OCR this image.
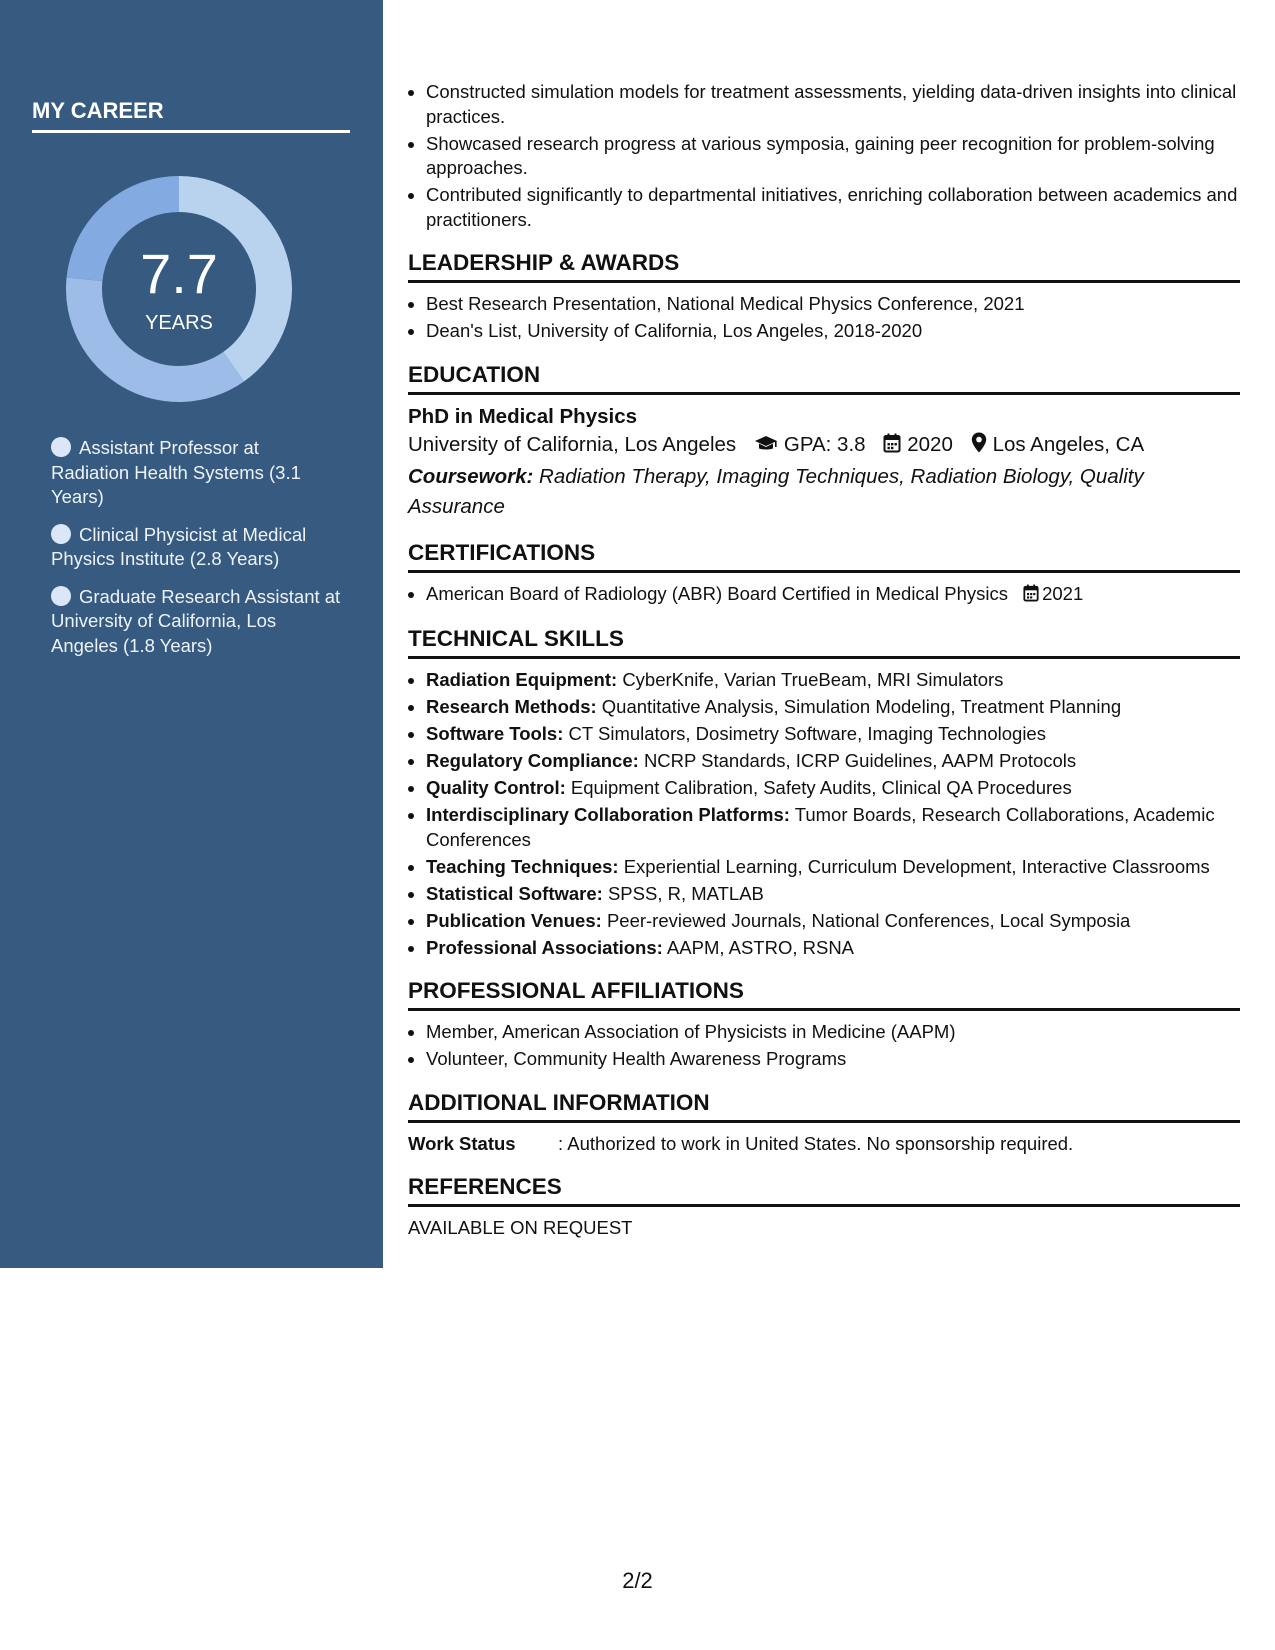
MY CAREER
7.7
YEARS
Assistant Professor at Radiation Health Systems (3.1 Years)
Clinical Physicist at Medical Physics Institute (2.8 Years)
Graduate Research Assistant at University of California, Los Angeles (1.8 Years)
• Constructed simulation models for treatment assessments, yielding data-driven insights into clinical practices.
• Showcased research progress at various symposia, gaining peer recognition for problem-solving approaches.
• Contributed significantly to departmental initiatives, enriching collaboration between academics and practitioners.
LEADERSHIP & AWARDS
• Best Research Presentation, National Medical Physics Conference, 2021
• Dean's List, University of California, Los Angeles, 2018-2020
EDUCATION
PhD in Medical Physics
University of California, Los Angeles GPA: 3.8 2020 Los Angeles, CA
Coursework: Radiation Therapy, Imaging Techniques, Radiation Biology, Quality Assurance
CERTIFICATIONS
• American Board of Radiology (ABR) Board Certified in Medical Physics 2021
TECHNICAL SKILLS
• Radiation Equipment: CyberKnife, Varian TrueBeam, MRI Simulators
• Research Methods: Quantitative Analysis, Simulation Modeling, Treatment Planning
• Software Tools: CT Simulators, Dosimetry Software, Imaging Technologies
• Regulatory Compliance: NCRP Standards, ICRP Guidelines, AAPM Protocols
• Quality Control: Equipment Calibration, Safety Audits, Clinical QA Procedures
• Interdisciplinary Collaboration Platforms: Tumor Boards, Research Collaborations, Academic Conferences
• Teaching Techniques: Experiential Learning, Curriculum Development, Interactive Classrooms
• Statistical Software: SPSS, R, MATLAB
• Publication Venues: Peer-reviewed Journals, National Conferences, Local Symposia
• Professional Associations: AAPM, ASTRO, RSNA
PROFESSIONAL AFFILIATIONS
• Member, American Association of Physicists in Medicine (AAPM)
• Volunteer, Community Health Awareness Programs
ADDITIONAL INFORMATION
Work Status : Authorized to work in United States. No sponsorship required.
REFERENCES
AVAILABLE ON REQUEST
2/2
